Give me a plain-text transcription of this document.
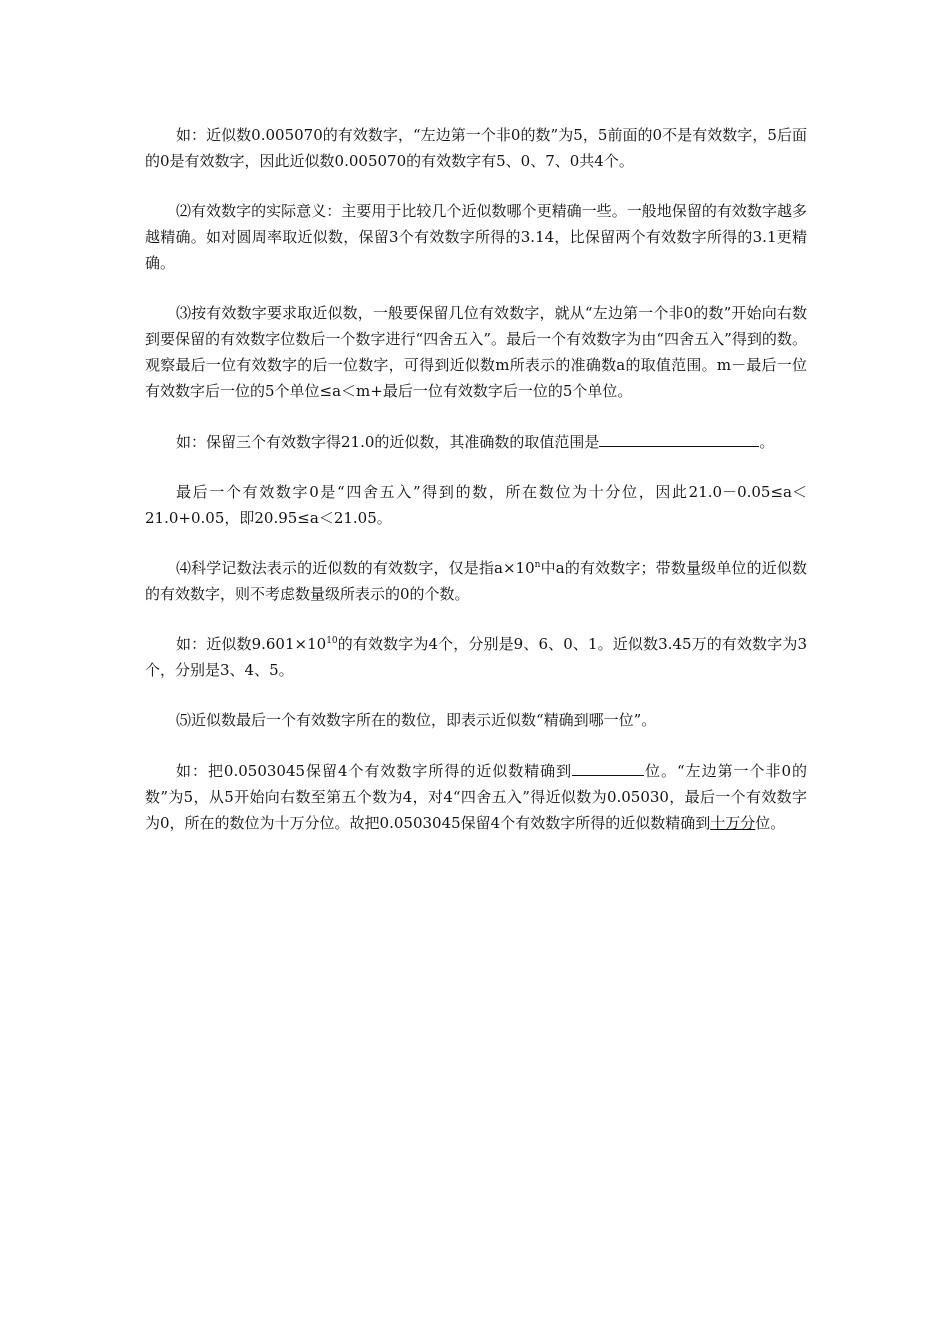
如：近似数0.005070的有效数字，“左边第一个非0的数”为5，5前面的0不是有效数字，5后面的0是有效数字，因此近似数0.005070的有效数字有5、0、7、0共4个。

⑵有效数字的实际意义：主要用于比较几个近似数哪个更精确一些。一般地保留的有效数字越多越精确。如对圆周率取近似数，保留3个有效数字所得的3.14，比保留两个有效数字所得的3.1更精确。

⑶按有效数字要求取近似数，一般要保留几位有效数字，就从“左边第一个非0的数”开始向右数到要保留的有效数字位数后一个数字进行“四舍五入”。最后一个有效数字为由“四舍五入”得到的数。观察最后一位有效数字的后一位数字，可得到近似数m所表示的准确数a的取值范围。m－最后一位有效数字后一位的5个单位≤a＜m+最后一位有效数字后一位的5个单位。

如：保留三个有效数字得21.0的近似数，其准确数的取值范围是	。

最后一个有效数字0是“四舍五入”得到的数，所在数位为十分位，因此21.0－0.05≤a＜21.0+0.05，即20.95≤a＜21.05。

⑷科学记数法表示的近似数的有效数字，仅是指$a\times 10^n$中a的有效数字；带数量级单位的近似数的有效数字，则不考虑数量级所表示的0的个数。

如：近似数$9.601\times 10^{10}$的有效数字为4个，分别是9、6、0、1。近似数3.45万的有效数字为3个，分别是3、4、5。

⑸近似数最后一个有效数字所在的数位，即表示近似数“精确到哪一位”。

如：把0.0503045保留4个有效数字所得的近似数精确到	位。“左边第一个非0的数”为5，从5开始向右数至第五个数为4，对4“四舍五入”得近似数为0.05030，最后一个有效数字为0，所在的数位为十万分位。故把0.0503045保留4个有效数字所得的近似数精确到十万分位。
